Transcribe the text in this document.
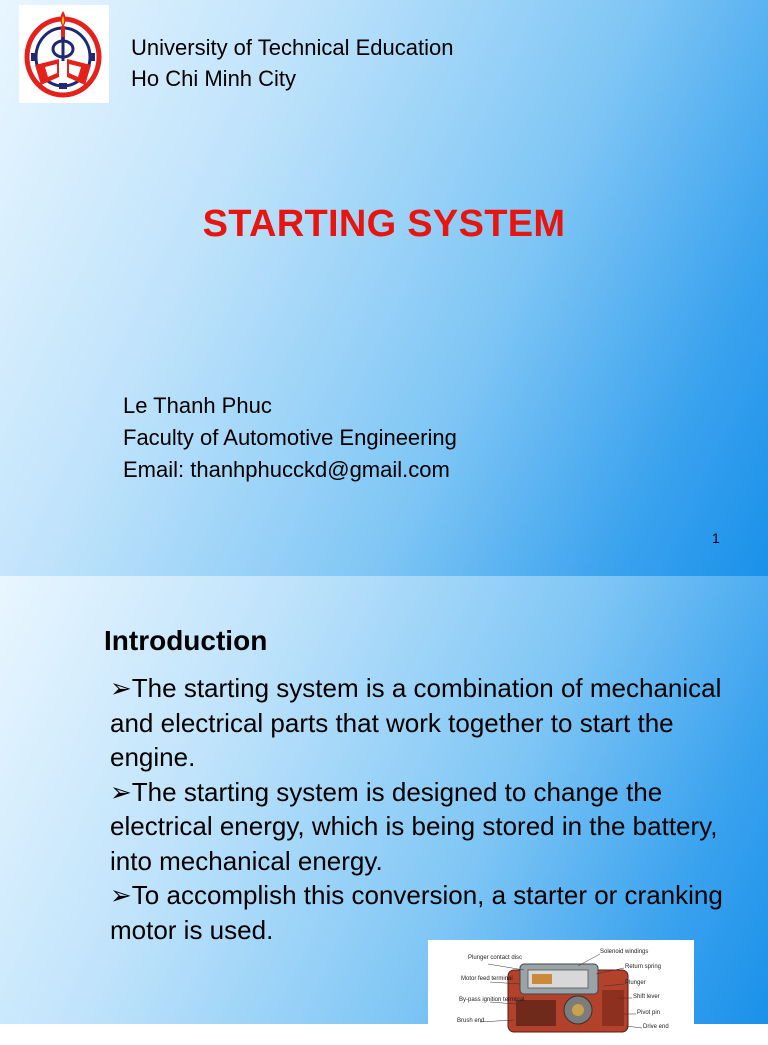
University of Technical Education
Ho Chi Minh City
STARTING SYSTEM
Le Thanh Phuc
Faculty of Automotive Engineering
Email: thanhphucckd@gmail.com
1
Introduction

➢The starting system is a combination of mechanical and electrical parts that work together to start the engine.

➢The starting system is designed to change the electrical energy, which is being stored in the battery, into mechanical energy.

➢To accomplish this conversion, a starter or cranking motor is used.

Plunger contact disc
Motor feed terminal
By-pass ignition terminal
Brush end
Solenoid windings
Return spring
Plunger
Shift lever
Pivot pin
Drive end
